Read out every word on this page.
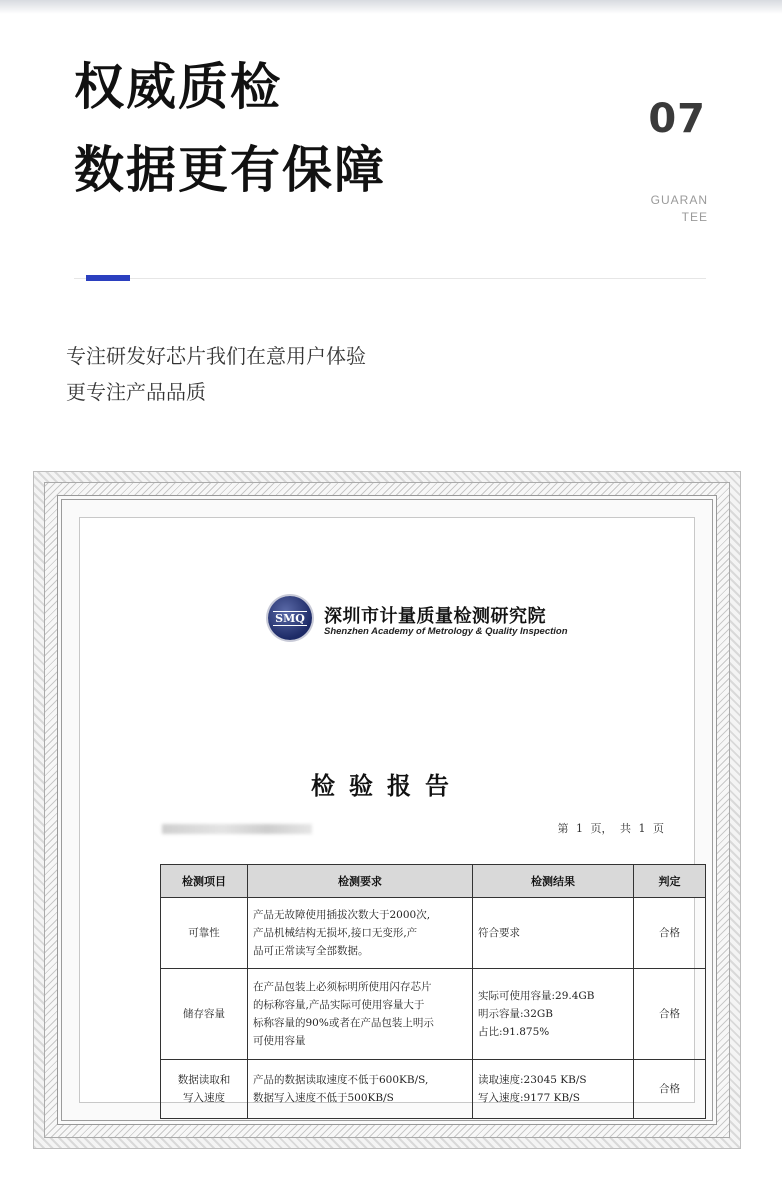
权威质检
数据更有保障
07
GUARAN
TEE
专注研发好芯片我们在意用户体验
更专注产品品质
SMQ 深圳市计量质量检测研究院
Shenzhen Academy of Metrology & Quality Inspection
检验报告
第 1 页， 共 1 页
检测项目	检测要求	检测结果	判定
可靠性	产品无故障使用插拔次数大于2000次,
产品机械结构无损坏,接口无变形,产
品可正常读写全部数据。	符合要求	合格
储存容量	在产品包装上必须标明所使用闪存芯片
的标称容量,产品实际可使用容量大于
标称容量的90%或者在产品包装上明示
可使用容量	实际可使用容量:29.4GB
明示容量:32GB
占比:91.875%	合格

数据读取和
写入速度	产品的数据读取速度不低于600KB/S,
数据写入速度不低于500KB/S	读取速度:23045 KB/S
写入速度:9177 KB/S	合格
